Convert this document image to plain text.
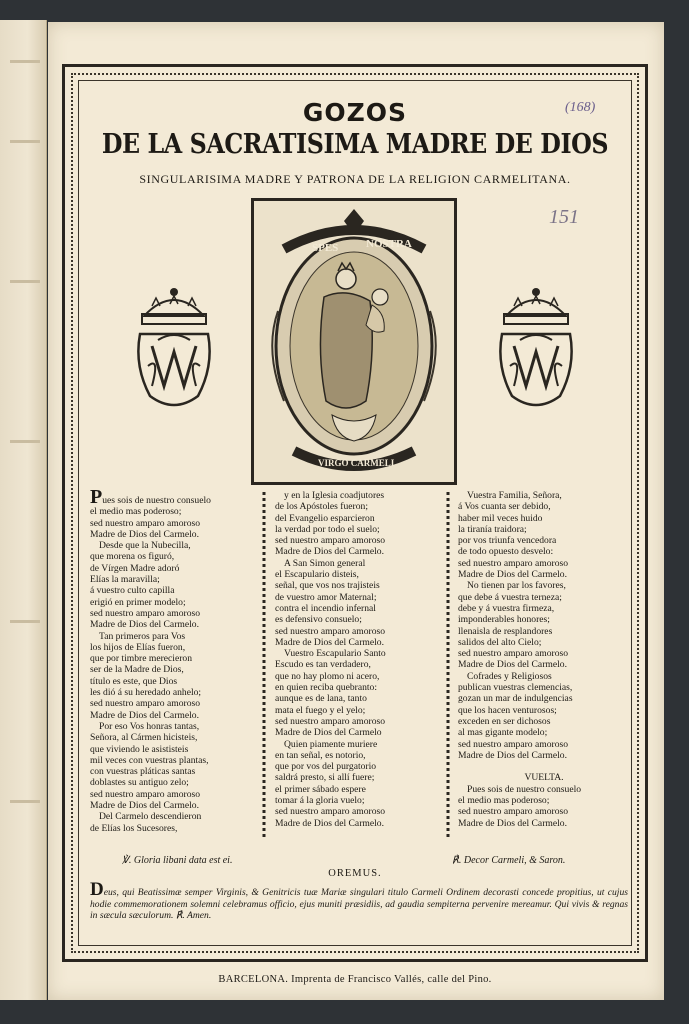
GOZOS
DE LA SACRATISIMA MADRE DE DIOS
SINGULARISIMA MADRE Y PATRONA DE LA RELIGION CARMELITANA.
(168)
151
SPES	NOSTRA
VIRGO CARMELI
Pues sois de nuestro consuelo
el medio mas poderoso;
sed nuestro amparo amoroso
Madre de Dios del Carmelo.
Desde que la Nubecilla,
que morena os figuró,
de Vírgen Madre adoró
Elías la maravilla;
á vuestro culto capilla
erigió en primer modelo;
sed nuestro amparo amoroso
Madre de Dios del Carmelo.
Tan primeros para Vos
los hijos de Elías fueron,
que por timbre merecieron
ser de la Madre de Dios,
título es este, que Dios
les dió á su heredado anhelo;
sed nuestro amparo amoroso
Madre de Dios del Carmelo.
Por eso Vos honras tantas,
Señora, al Cármen hicisteis,
que viviendo le asististeis
mil veces con vuestras plantas,
con vuestras pláticas santas
doblastes su antiguo zelo;
sed nuestro amparo amoroso
Madre de Dios del Carmelo.
Del Carmelo descendieron
de Elías los Sucesores,
y en la Iglesia coadjutores
de los Apóstoles fueron;
del Evangelio esparcieron
la verdad por todo el suelo;
sed nuestro amparo amoroso
Madre de Dios del Carmelo.
A San Simon general
el Escapulario disteis,
señal, que vos nos trajisteis
de vuestro amor Maternal;
contra el incendio infernal
es defensivo consuelo;
sed nuestro amparo amoroso
Madre de Dios del Carmelo.
Vuestro Escapulario Santo
Escudo es tan verdadero,
que no hay plomo ni acero,
en quien reciba quebranto:
aunque es de lana, tanto
mata el fuego y el yelo;
sed nuestro amparo amoroso
Madre de Dios del Carmelo
Quien piamente muriere
en tan señal, es notorio,
que por vos del purgatorio
saldrá presto, si allí fuere;
el primer sábado espere
tomar á la gloria vuelo;
sed nuestro amparo amoroso
Madre de Dios del Carmelo.
Vuestra Familia, Señora,
á Vos cuanta ser debido,
haber mil veces huido
la tiranía traidora;
por vos triunfa vencedora
de todo opuesto desvelo:
sed nuestro amparo amoroso
Madre de Dios del Carmelo.
No tienen par los favores,
que debe á vuestra terneza;
debe y á vuestra firmeza,
imponderables honores;
llenaisla de resplandores
salidos del alto Cielo;
sed nuestro amparo amoroso
Madre de Dios del Carmelo.
Cofrades y Religiosos
publican vuestras clemencias,
gozan un mar de indulgencias
que los hacen venturosos;
exceden en ser dichosos
al mas gigante modelo;
sed nuestro amparo amoroso
Madre de Dios del Carmelo.

VUELTA.
Pues sois de nuestro consuelo
el medio mas poderoso;
sed nuestro amparo amoroso
Madre de Dios del Carmelo.
℣. Gloria libani data est ei.	℟. Decor Carmeli, & Saron.
OREMUS.
Deus, qui Beatissimæ semper Virginis, & Genitricis tuæ Mariæ singulari titulo Carmeli Ordinem decorasti concede propitius, ut cujus hodie commemorationem solemni celebramus officio, ejus muniti præsidiis, ad gaudia sempiterna pervenire mereamur. Qui vivis & regnas in sæcula sæculorum. ℟. Amen.
BARCELONA. Imprenta de Francisco Vallés, calle del Pino.
